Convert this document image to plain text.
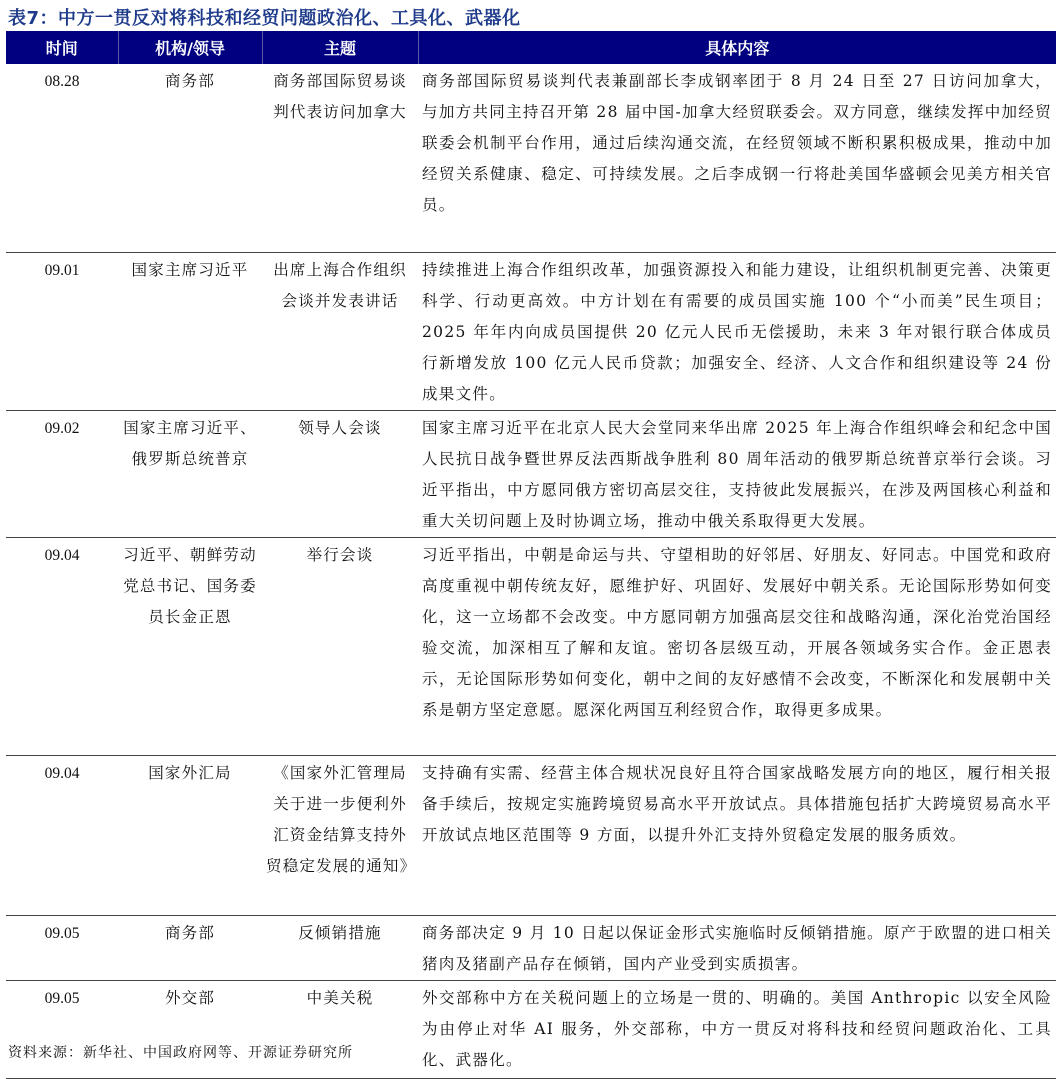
表7：中方一贯反对将科技和经贸问题政治化、工具化、武器化
时间	机构/领导	主题	具体内容
08.28	商务部	商务部国际贸易谈判代表访问加拿大	商务部国际贸易谈判代表兼副部长李成钢率团于 8 月 24 日至 27 日访问加拿大，与加方共同主持召开第 28 届中国-加拿大经贸联委会。双方同意，继续发挥中加经贸联委会机制平台作用，通过后续沟通交流，在经贸领域不断积累积极成果，推动中加经贸关系健康、稳定、可持续发展。之后李成钢一行将赴美国华盛顿会见美方相关官员。
09.01	国家主席习近平	出席上海合作组织会谈并发表讲话	持续推进上海合作组织改革，加强资源投入和能力建设，让组织机制更完善、决策更科学、行动更高效。中方计划在有需要的成员国实施 100 个“小而美”民生项目；2025 年年内向成员国提供 20 亿元人民币无偿援助，未来 3 年对银行联合体成员行新增发放 100 亿元人民币贷款；加强安全、经济、人文合作和组织建设等 24 份成果文件。
09.02	国家主席习近平、俄罗斯总统普京	领导人会谈	国家主席习近平在北京人民大会堂同来华出席 2025 年上海合作组织峰会和纪念中国人民抗日战争暨世界反法西斯战争胜利 80 周年活动的俄罗斯总统普京举行会谈。习近平指出，中方愿同俄方密切高层交往，支持彼此发展振兴，在涉及两国核心利益和重大关切问题上及时协调立场，推动中俄关系取得更大发展。
09.04	习近平、朝鲜劳动党总书记、国务委员长金正恩	举行会谈	习近平指出，中朝是命运与共、守望相助的好邻居、好朋友、好同志。中国党和政府高度重视中朝传统友好，愿维护好、巩固好、发展好中朝关系。无论国际形势如何变化，这一立场都不会改变。中方愿同朝方加强高层交往和战略沟通，深化治党治国经验交流，加深相互了解和友谊。密切各层级互动，开展各领域务实合作。金正恩表示，无论国际形势如何变化，朝中之间的友好感情不会改变，不断深化和发展朝中关系是朝方坚定意愿。愿深化两国互利经贸合作，取得更多成果。
09.04	国家外汇局	《国家外汇管理局关于进一步便利外汇资金结算支持外贸稳定发展的通知》	支持确有实需、经营主体合规状况良好且符合国家战略发展方向的地区，履行相关报备手续后，按规定实施跨境贸易高水平开放试点。具体措施包括扩大跨境贸易高水平开放试点地区范围等 9 方面，以提升外汇支持外贸稳定发展的服务质效。
09.05	商务部	反倾销措施	商务部决定 9 月 10 日起以保证金形式实施临时反倾销措施。原产于欧盟的进口相关猪肉及猪副产品存在倾销，国内产业受到实质损害。
09.05	外交部	中美关税	外交部称中方在关税问题上的立场是一贯的、明确的。美国 Anthropic 以安全风险为由停止对华 AI 服务，外交部称，中方一贯反对将科技和经贸问题政治化、工具化、武器化。
资料来源：新华社、中国政府网等、开源证券研究所
